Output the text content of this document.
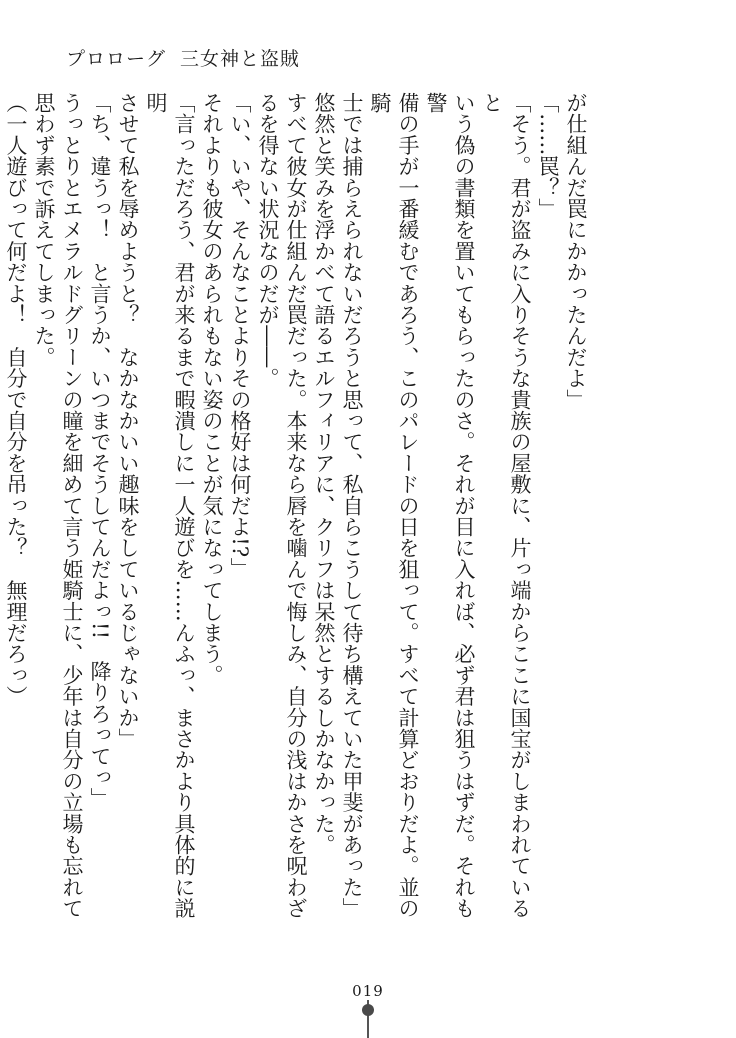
プロローグ 三女神と盗賊

が仕組んだ罠にかかったんだよ」

「……罠？」

「そう。君が盗みに入りそうな貴族の屋敷に、片っ端からここに国宝がしまわれていると

いう偽の書類を置いてもらったのさ。それが目に入れば、必ず君は狙うはずだ。それも警

備の手が一番緩むであろう、このパレードの日を狙って。すべて計算どおりだよ。並の騎

士では捕らえられないだろうと思って、私自らこうして待ち構えていた甲斐があった」

悠然と笑みを浮かべて語るエルフィリアに、クリフは呆然とするしかなかった。

すべて彼女が仕組んだ罠だった。本来なら唇を噛んで悔しみ、自分の浅はかさを呪わざ

るを得ない状況なのだが――。

「い、いや、そんなことよりその格好は何だよ!?」

それよりも彼女のあられもない姿のことが気になってしまう。

「言っただろう、君が来るまで暇潰しに一人遊びを……んふっ、まさかより具体的に説明

させて私を辱めようと？　なかなかいい趣味をしているじゃないか」

「ち、違うっ！　と言うか、いつまでそうしてんだよっ!!　降りろってっ」

うっとりとエメラルドグリーンの瞳を細めて言う姫騎士に、少年は自分の立場も忘れて

思わず素で訴えてしまった。

（一人遊びって何だよ！　自分で自分を吊った？　無理だろっ）

019
